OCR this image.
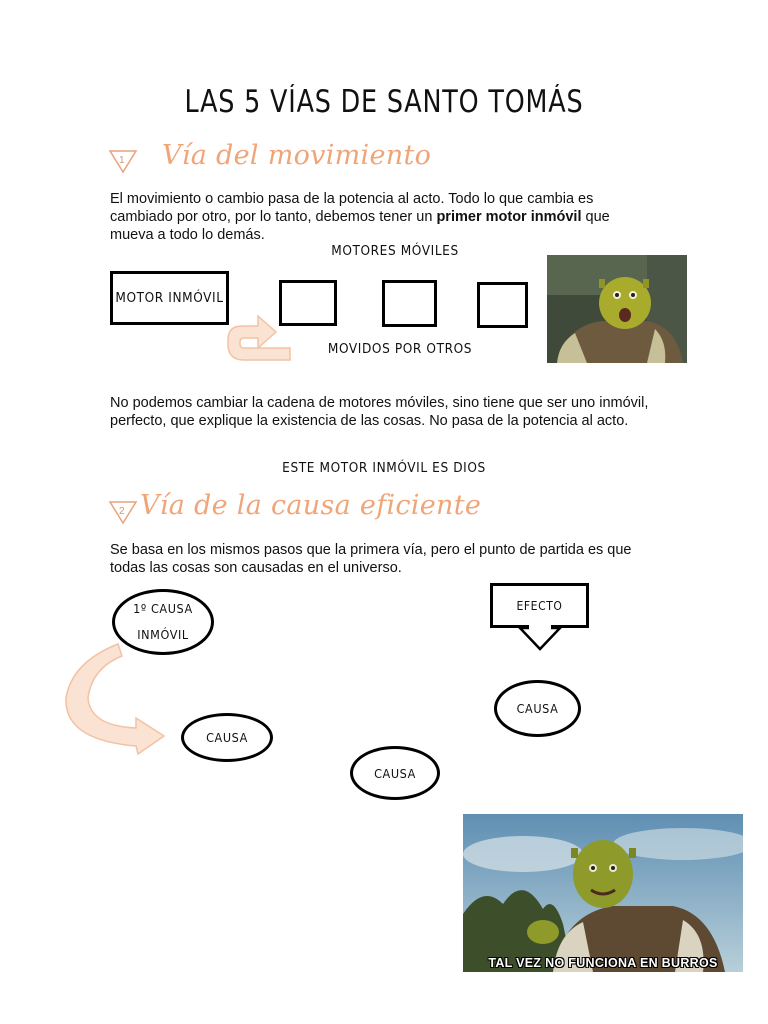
LAS 5 VÍAS DE SANTO TOMÁS
1 Vía del movimiento
El movimiento o cambio pasa de la potencia al acto. Todo lo que cambia es cambiado por otro, por lo tanto, debemos tener un primer motor inmóvil que mueva a todo lo demás.
MOTORES MÓVILES
MOTOR INMÓVIL
MOVIDOS POR OTROS
No podemos cambiar la cadena de motores móviles, sino tiene que ser uno inmóvil, perfecto, que explique la existencia de las cosas. No pasa de la potencia al acto.
ESTE MOTOR INMÓVIL ES DIOS
2 Vía de la causa eficiente
Se basa en los mismos pasos que la primera vía, pero el punto de partida es que todas las cosas son causadas en el universo.
1º CAUSA
INMÓVIL
EFECTO
CAUSA
CAUSA
CAUSA
TAL VEZ NO FUNCIONA EN BURROS
